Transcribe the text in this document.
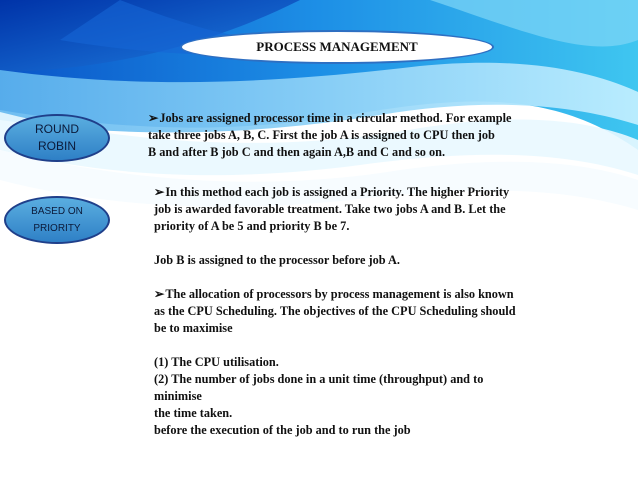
PROCESS MANAGEMENT
ROUND
ROBIN
BASED ON
PRIORITY

➢Jobs are assigned processor time in a circular method. For example

take three jobs A, B, C. First the job A is assigned to CPU then job

B and after B job C and then again A,B and C and so on.

➢In this method each job is assigned a Priority. The higher Priority

job is awarded favorable treatment. Take two jobs A and B. Let the

priority of A be 5 and priority B be 7.

Job B is assigned to the processor before job A.

➢The allocation of processors by process management is also known

as the CPU Scheduling. The objectives of the CPU Scheduling should

be to maximise

(1) The CPU utilisation.

(2) The number of jobs done in a unit time (throughput) and to

minimise

the time taken.

before the execution of the job and to run the job
